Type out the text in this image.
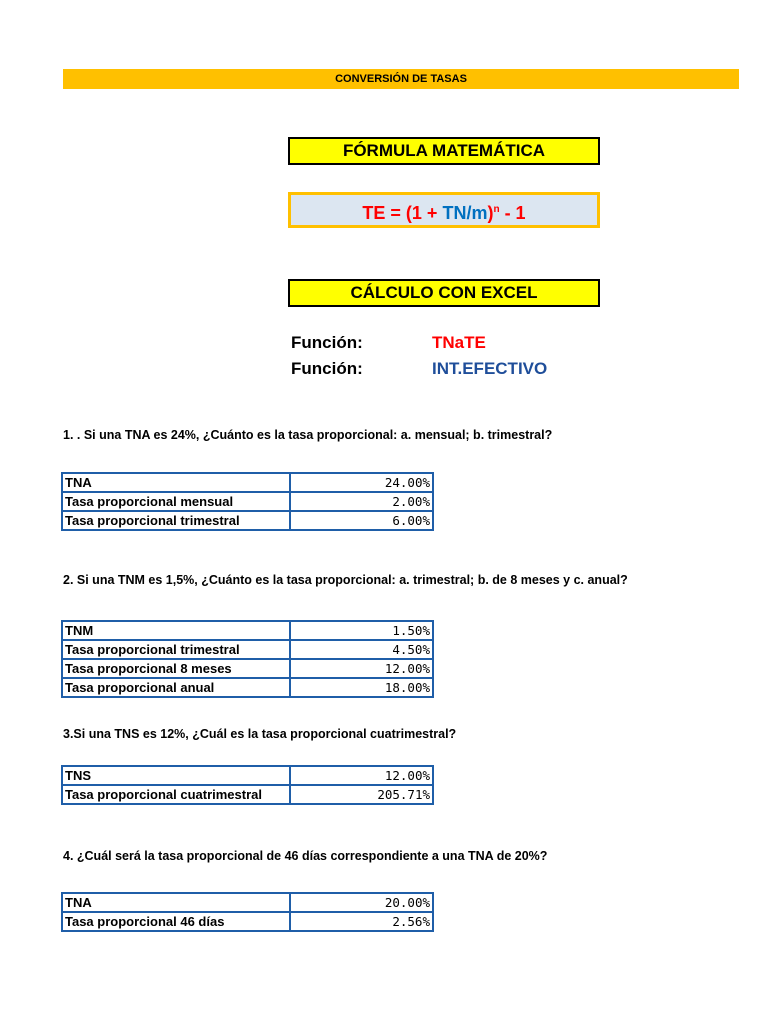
CONVERSIÓN DE TASAS
FÓRMULA MATEMÁTICA
TE = $(1 + TN/m)^n - 1$
CÁLCULO CON EXCEL
Función:	TNaTE
Función:	INT.EFECTIVO
1. . Si una TNA es 24%, ¿Cuánto es la tasa proporcional: a. mensual; b. trimestral?
TNA	24.00%
Tasa proporcional mensual	2.00%
Tasa proporcional trimestral	6.00%
2. Si una TNM es 1,5%, ¿Cuánto es la tasa proporcional: a. trimestral; b. de 8 meses y c. anual?
TNM	1.50%
Tasa proporcional trimestral	4.50%
Tasa proporcional 8 meses	12.00%
Tasa proporcional anual	18.00%
3.Si una TNS es 12%, ¿Cuál es la tasa proporcional cuatrimestral?
TNS	12.00%
Tasa proporcional cuatrimestral	205.71%
4. ¿Cuál será la tasa proporcional de 46 días correspondiente a una TNA de 20%?
TNA	20.00%
Tasa proporcional 46 días	2.56%
